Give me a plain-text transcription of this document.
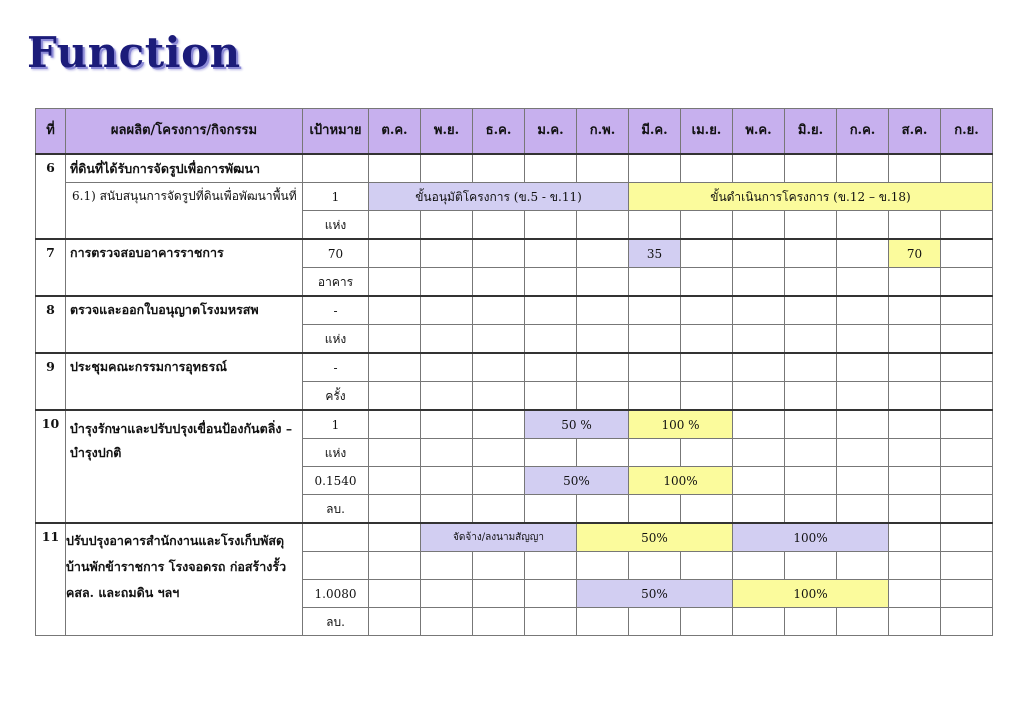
Function
ที่	ผลผลิต/โครงการ/กิจกรรม	เป้าหมาย	ต.ค.	พ.ย.	ธ.ค.	ม.ค.	ก.พ.	มี.ค.	เม.ย.	พ.ค.	มิ.ย.	ก.ค.	ส.ค.	ก.ย.
6	ที่ดินที่ได้รับการจัดรูปเพื่อการพัฒนา													
	6.1) สนับสนุนการจัดรูปที่ดินเพื่อพัฒนาพื้นที่	1	ขั้นอนุมัติโครงการ (ข.5 - ข.11)					ขั้นดำเนินการโครงการ (ข.12 – ข.18)						
		แห่ง												
7	การตรวจสอบอาคารราชการ	70						35					70	
		อาคาร												
8	ตรวจและออกใบอนุญาตโรงมหรสพ	-												
		แห่ง												
9	ประชุมคณะกรรมการอุทธรณ์	-												
		ครั้ง												
10	บำรุงรักษาและปรับปรุงเขื่อนป้องกันตลิ่ง – บำรุงปกติ	1				50 %		100 %						
		แห่ง												
		0.1540				50%		100%						
		ลบ.												
11	ปรับปรุงอาคารสำนักงานและโรงเก็บพัสดุ บ้านพักข้าราชการ โรงจอดรถ ก่อสร้างรั้ว คสล. และถมดิน ฯลฯ			จัดจ้าง/ลงนามสัญญา			50%			100%				

		1.0080					50%			100%				
		ลบ.												
